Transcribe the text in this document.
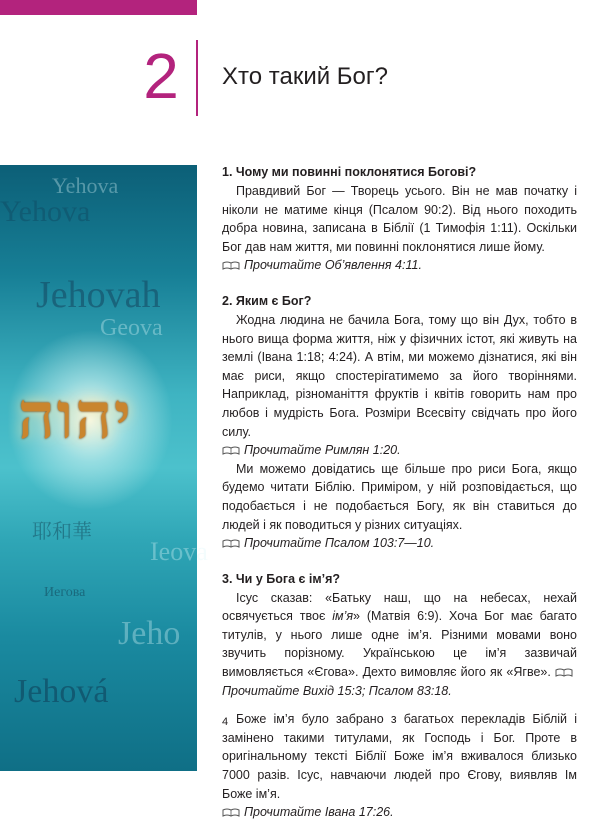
2 Хто такий Бог?
Yehova
Yehova
Jehovah
Geova
יהוה
耶和華
Ieova
Иегова
Jeho
Jehová
1. Чому ми повинні поклонятися Богові?

Правдивий Бог — Творець усього. Він не мав початку і ніколи не матиме кінця (Псалом 90:2). Від нього походить добра новина, записана в Біблії (1 Тимофія 1:11). Оскільки Бог дав нам життя, ми повинні поклонятися лише йому.

Прочитайте Об’явлення 4:11.

2. Яким є Бог?

Жодна людина не бачила Бога, тому що він Дух, тобто в нього вища форма життя, ніж у фізичних істот, які живуть на землі (Івана 1:18; 4:24). А втім, ми можемо дізнатися, які він має риси, якщо спостерігатимемо за його творіннями. Наприклад, різноманіття фруктів і квітів говорить нам про любов і мудрість Бога. Розміри Всесвіту свідчать про його силу.

Прочитайте Римлян 1:20.

Ми можемо довідатись ще більше про риси Бога, якщо будемо читати Біблію. Приміром, у ній розповідається, що подобається і не подобається Богу, як він ставиться до людей і як поводиться у різних ситуаціях.

Прочитайте Псалом 103:7—10.

3. Чи у Бога є ім’я?

Ісус сказав: «Батьку наш, що на небесах, нехай освячується твоє ім’я» (Матвія 6:9). Хоча Бог має багато титулів, у нього лише одне ім’я. Різними мовами воно звучить порізному. Українською це ім’я зазвичай вимовляється «Єгова». Дехто вимовляє його як «Ягве».
Прочитайте Вихід 15:3; Псалом 83:18.

Боже ім’я було забрано з багатьох перекладів Біблій і замінено такими титулами, як Господь і Бог. Проте в оригінальному тексті Біблії Боже ім’я вживалося близько 7000 разів. Ісус, навчаючи людей про Єгову, виявляв Ім Боже ім’я.

Прочитайте Івана 17:26.

4
